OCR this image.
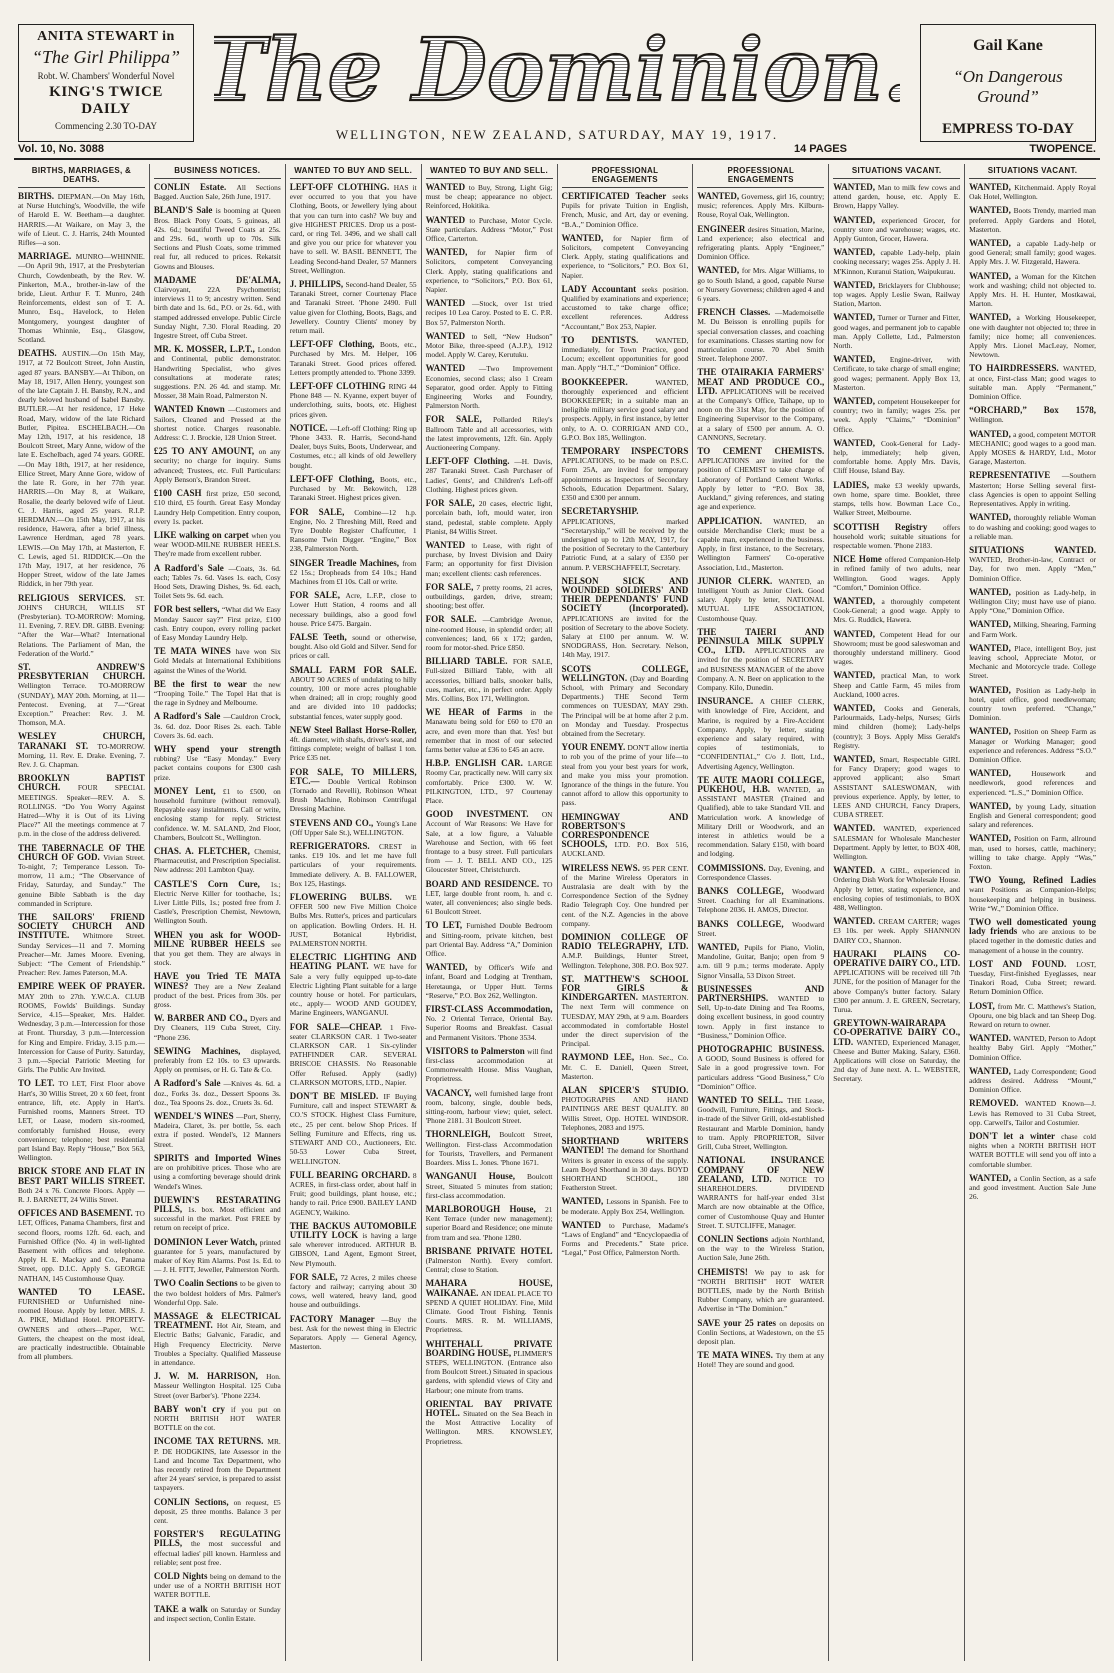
ANITA STEWART in
“The Girl Philippa”
Robt. W. Chambers' Wonderful Novel
KING'S TWICE DAILY
Commencing 2.30 TO-DAY
The Dominion.
WELLINGTON, NEW ZEALAND, SATURDAY, MAY 19, 1917.
Gail Kane
“On Dangerous Ground”
EMPRESS TO-DAY
Vol. 10, No. 3088	14 PAGES	TWOPENCE.
BIRTHS, MARRIAGES, & DEATHS.

BIRTHS. DIEPMAN.—On May 16th, at Nurse Hutching's, Woodville, the wife of Harold E. W. Beetham—a daughter. HARRIS.—At Waikare, on May 3, the wife of Lieut. C. J. Harris, 24th Mounted Rifles—a son.

MARRIAGE. MUNRO—WHINNIE.—On April 9th, 1917, at the Presbyterian Church, Cowdenbeath, by the Rev. W. Pinkerton, M.A., brother-in-law of the bride, Lieut. Arthur F. T. Munro, 24th Reinforcements, eldest son of T. A. Munro, Esq., Havelock, to Helen Montgomery, youngest daughter of Thomas Whinnie, Esq., Glasgow, Scotland.

DEATHS. AUSTIN.—On 15th May, 1917, at 72 Boulcott Street, John Austin, aged 87 years. BANSBY.—At Thibon, on May 18, 1917, Allen Henry, youngest son of the late Captain J. H. Bansby, R.N., and dearly beloved husband of Isabel Bansby. BUTLER.—At her residence, 17 Heke Road, Mary, widow of the late Richard Butler, Pipitea. ESCHELBACH.—On May 12th, 1917, at his residence, 18 Boulcott Street, Mary Anne, widow of the late E. Eschelbach, aged 74 years. GORE.—On May 18th, 1917, at her residence, Ellice Street, Mary Anne Gore, widow of the late R. Gore, in her 77th year. HARRIS.—On May 8, at Waikare, Rosalie, the dearly beloved wife of Lieut. C. J. Harris, aged 25 years. R.I.P. HERDMAN.—On 15th May, 1917, at his residence, Hawera, after a brief illness, Lawrence Herdman, aged 78 years. LEWIS.—On May 17th, at Masterton, F. C. Lewis, aged 51. RIDDICK.—On the 17th May, 1917, at her residence, 76 Hopper Street, widow of the late James Riddick, in her 79th year.

RELIGIOUS SERVICES. ST. JOHN'S CHURCH, WILLIS ST (Presbyterian). TO-MORROW: Morning, 11. Evening, 7. REV. DR. GIBB. Evening: “After the War—What? International Relations. The Parliament of Man, the Federation of the World.”

ST. ANDREW'S PRESBYTERIAN CHURCH. Wellington Terrace. TO-MORROW (SUNDAY), MAY 20th. Morning, at 11—Pentecost. Evening, at 7—“Great Exception.” Preacher: Rev. J. M. Thomson, M.A.

WESLEY CHURCH, TARANAKI ST. TO-MORROW. Morning, 11. Rev. E. Drake. Evening, 7. Rev. J. G. Chapman.

BROOKLYN BAPTIST CHURCH. FOUR SPECIAL MEETINGS. Speaker—REV. A. S. ROLLINGS. “Do You Worry Against Hatred—Why it is Out of its Living Place?” All the meetings commence at 7 p.m. in the close of the address delivered.

THE TABERNACLE OF THE CHURCH OF GOD. Vivian Street. To-night, 7; Temperance Lesson. To-morrow, 11 a.m.; “The Observance of Friday, Saturday, and Sunday.” The genuine Bible Sabbath is the day commanded in Scripture.

THE SAILORS' FRIEND SOCIETY CHURCH AND INSTITUTE. Whitmore Street. Sunday Services—11 and 7. Morning Preacher—Mr. James Moore. Evening, Subject: “The Cement of Friendship.” Preacher: Rev. James Paterson, M.A.

EMPIRE WEEK OF PRAYER. MAY 20th to 27th. Y.W.C.A. CLUB ROOMS, Fowlds' Buildings. Sunday Service, 4.15—Speaker, Mrs. Halder. Wednesday, 3 p.m.—Intercession for those at Front. Thursday, 3 p.m.—Intercession for King and Empire. Friday, 3.15 p.m.—Intercession for Cause of Purity. Saturday, 3 p.m.—Special Patriotic Meeting for Girls. The Public Are Invited.

TO LET. TO LET, First Floor above Hart's, 30 Willis Street, 20 x 60 feet, front entrance, lift, etc. Apply in Hart's. Furnished rooms, Manners Street. TO LET, or Lease, modern six-roomed, comfortably furnished House, every convenience; telephone; best residential part Island Bay. Reply “House,” Box 563, Wellington.

BRICK STORE AND FLAT IN BEST PART WILLIS STREET. Both 24 x 76. Concrete Floors. Apply — R. J. BARNETT, 24 Willis Street.

OFFICES AND BASEMENT. TO LET, Offices, Panama Chambers, first and second floors, rooms 12ft. 6d. each, and Furnished Office (No. 4) in well-lighted Basement with offices and telephone. Apply H. E. Mackay and Co., Panama Street, opp. D.I.C. Apply S. GEORGE NATHAN, 145 Customhouse Quay.

WANTED TO LEASE. FURNISHED or Unfurnished nine-roomed House. Apply by letter. MRS. J. A. PIKE, Midland Hotel. PROPERTY-OWNERS and others—Paper, W.C. Gutters, the cheapest on the most ideal, are practically indestructible. Obtainable from all plumbers.

BUSINESS NOTICES.

CONLIN Estate. All Sections Bagged. Auction Sale, 26th June, 1917.

BLAND'S Sale is booming at Queen Bros. Black Pony Coats, 5 guineas, all 42s. 6d.; beautiful Tweed Coats at 25s. and 29s. 6d., worth up to 70s. Silk Sections and Plush Coats, some trimmed real fur, all reduced to prices. Rekatsit Gowns and Blouses.

MADAME DE'ALMA, Clairvoyant, 22A Psychometrist; interviews 11 to 9; ancestry written. Send birth date and 1s. 6d., P.O. or 2s. 6d., with stamped addressed envelope. Public Circle Sunday Night, 7.30. Floral Reading. 20 Ingestre Street, off Cuba Street.

MR. K. MOSSER, L.P.T., London and Continental, public demonstrator. Handwriting Specialist, who gives consultations at moderate rates; suggestions. P.N. 26 4d. and stamp. Mr. Mosser, 38 Main Road, Palmerston N.

WANTED Known —Customers and Sailors, Cleaned and Pressed at the shortest notice. Charges reasonable. Address: C. J. Brockie, 128 Union Street.

£25 TO ANY AMOUNT, on any security; no charge for inquiry. Sums advanced; Trustees, etc. Full Particulars: Apply Benson's, Brandon Street.

£100 CASH first prize, £50 second, £10 third, £5 fourth. Great Easy Monday Laundry Help Competition. Entry coupon, every 1s. packet.

LIKE walking on carpet when you wear WOOD-MILNE RUBBER HEELS. They're made from excellent rubber.

A Radford's Sale —Coats, 3s. 6d. each; Tables 7s. 6d. Vases 1s. each, Cosy Hood Sets, Drawing Dishes, 9s. 6d. each, Toilet Sets 9s. 6d. each.

FOR best sellers, “What did We Easy Monday Saucer say?” First prize, £100 cash. Entry coupon, every rolling packet of Easy Monday Laundry Help.

TE MATA WINES have won Six Gold Medals at International Exhibitions against the Wines of the World.

BE the first to wear the new “Trooping Toile.” The Topel Hat that is the rage in Sydney and Melbourne.

A Radford's Sale —Cauldron Crock, 3s. 6d. doz. Door Rises 2s. each. Table Covers 3s. 6d. each.

WHY spend your strength rubbing? Use “Easy Monday.” Every packet contains coupons for £300 cash prize.

MONEY Lent, £1 to £500, on household furniture (without removal). Repayable easy instalments. Call or write, enclosing stamp for reply. Strictest confidence. W. M. SALAND, 2nd Floor, Chambers, Boulcott St., Wellington.

CHAS. A. FLETCHER, Chemist, Pharmaceutist, and Prescription Specialist. New address: 201 Lambton Quay.

CASTLE'S Corn Cure, 1s.; Electric Nerve Killer for toothache, 1s.; Liver Little Pills, 1s.; posted free from J. Castle's, Prescription Chemist, Newtown, Wellington South.

WHEN you ask for WOOD-MILNE RUBBER HEELS see that you get them. They are always in stock.

HAVE you Tried TE MATA WINES? They are a New Zealand product of the best. Prices from 30s. per gross.

W. BARBER AND CO., Dyers and Dry Cleaners, 119 Cuba Street, City. “Phone 236.

SEWING Machines, displayed, preferably from £2 10s. to £3 upwards. Apply on premises, or H. G. Tate & Co.

A Radford's Sale —Knives 4s. 6d. a doz., Forks 3s. doz., Dessert Spoons 3s. doz., Tea Spoons 2s. doz., Cruets 3s. 6d.

WENDEL'S WINES —Port, Sherry, Madeira, Claret, 3s. per bottle, 5s. each extra if posted. Wendel's, 12 Manners Street.

SPIRITS and Imported Wines are on prohibitive prices. Those who are using a comforting beverage should drink Wendel's Wines.

DUEWIN'S RESTARATING PILLS, 1s. box. Most efficient and successful in the market. Post FREE by return on receipt of price.

DOMINION Lever Watch, printed guarantee for 5 years, manufactured by maker of Key Rim Alarms. Post 1s. Ed. to — J. H. FITT, Jeweller, Palmerston North.

TWO Coalin Sections to be given to the two boldest holders of Mrs. Palmer's Wonderful Opp. Sale.

MASSAGE & ELECTRICAL TREATMENT. Hot Air, Steam, and Electric Baths; Galvanic, Faradic, and High Frequency Electricity. Nerve Troubles a Specialty. Qualified Masseuse in attendance.

J. W. M. HARRISON, Hon. Masseur Wellington Hospital. 125 Cuba Street (over Barber's). ’Phone 2234.

BABY won't cry if you put on NORTH BRITISH HOT WATER BOTTLE on the cot.

INCOME TAX RETURNS. MR. P. DE HODGKINS, late Assessor in the Land and Income Tax Department, who has recently retired from the Department after 24 years' service, is prepared to assist taxpayers.

CONLIN Sections, on request, £5 deposit, 25 three months. Balance 3 per cent.

FORSTER'S REGULATING PILLS, the most successful and effectual ladies' pill known. Harmless and reliable; sent post free.

COLD Nights being on demand to the under use of a NORTH BRITISH HOT WATER BOTTLE.

TAKE a walk on Saturday or Sunday and inspect section, Conlin Estate.

WANTED TO BUY AND SELL.

LEFT-OFF CLOTHING. HAS it ever occurred to you that you have Clothing, Boots, or Jewellery lying about that you can turn into cash? We buy and give HIGHEST PRICES. Drop us a post-card, or ring Tel. 3496, and we shall call and give you our price for whatever you have to sell. W. BASIL BENNETT, The Leading Second-hand Dealer, 57 Manners Street, Wellington.

J. PHILLIPS, Second-hand Dealer, 55 Taranaki Street, corner Courtenay Place and Taranaki Street. 'Phone 2490. Full value given for Clothing, Boots, Bags, and Jewellery. Country Clients' money by return mail.

LEFT-OFF Clothing, Boots, etc., Purchased by Mrs. M. Helper, 106 Taranaki Street. Good prices offered. Letters promptly attended to. 'Phone 3399.

LEFT-OFF CLOTHING RING 44 Phone 848 — N. Kyanne, expert buyer of underclothing, suits, boots, etc. Highest prices given.

NOTICE. —Left-off Clothing: Ring up 'Phone 3433. R. Harris, Second-hand Dealer, buys Suits, Boots, Underwear, and Costumes, etc.; all kinds of old Jewellery bought.

LEFT-OFF Clothing, Boots, etc., Purchased by Mr. Bekowitch, 128 Taranaki Street. Highest prices given.

FOR SALE, Combine—12 h.p. Engine, No. 2 Threshing Mill, Reed and Tyre Double Register Chaffcutter, 1 Ransome Twin Digger. “Engine,” Box 238, Palmerston North.

SINGER Treadle Machines, from £2 15s.; Dropheads from £4 10s.; Hand Machines from £I 10s. Call or write.

FOR SALE, Acre, L.F.P., close to Lower Hutt Station, 4 rooms and all necessary buildings, also a good fowl house. Price £475. Bargain.

FALSE Teeth, sound or otherwise, bought. Also old Gold and Silver. Send for prices or call.

SMALL FARM FOR SALE. ABOUT 90 ACRES of undulating to hilly country, 100 or more acres ploughable when drained; all in crop; roughly good and are divided into 10 paddocks; substantial fences, water supply good.

NEW Steel Ballast Horse-Roller, 4ft. diameter, with shafts, driver's seat, and fittings complete; weight of ballast 1 ton. Price £35 net.

FOR SALE, TO MILLERS, ETC.— Double Vertical Robinson (Tornado and Revelli), Robinson Wheat Brush Machine, Robinson Centrifugal Dressing Machine.

STEVENS AND CO., Young's Lane (Off Upper Sale St.), WELLINGTON.

REFRIGERATORS. CREST in tanks. £19 10s. and let me have full particulars of your requirements. Immediate delivery. A. B. FALLOWER, Box 125, Hastings.

FLOWERING BULBS. WE OFFER 500 new Five Million Choice Bulbs Mrs. Rutter's, prices and particulars on application. Bowling Orders. H. H. JUST, Botanical Hybridist, PALMERSTON NORTH.

ELECTRIC LIGHTING AND HEATING PLANT. WE have for Sale a very fully equipped up-to-date Electric Lighting Plant suitable for a large country house or hotel. For particulars, etc., apply— WOOD AND GOUDEY, Marine Engineers, WANGANUI.

FOR SALE—CHEAP. 1 Five-seater CLARKSON CAR. 1 Two-seater CLARKSON CAR. 1 Six-cylinder PATHFINDER CAR. SEVERAL BRISCOE CHASSIS. No Reasonable Offer Refused. Apply (sadly) CLARKSON MOTORS, LTD., Napier.

DON'T BE MISLED. IF Buying Furniture, call and inspect STEWART & CO.'S STOCK. Highest Class Furniture, etc., 25 per cent. below Shop Prices. If Selling Furniture and Effects, ring us. STEWART AND CO., Auctioneers, Etc. 50-53 Lower Cuba Street, WELLINGTON.

FULL BEARING ORCHARD. 8 ACRES, in first-class order, about half in Fruit; good buildings, plant house, etc.; handy to rail. Price £900. BAILEY LAND AGENCY, Waikino.

THE BACKUS AUTOMOBILE UTILITY LOCK is having a large sale wherever introduced. ARTHUR B. GIBSON, Land Agent, Egmont Street, New Plymouth.

FOR SALE, 72 Acres, 2 miles cheese factory and railway; carrying about 30 cows, well watered, heavy land, good house and outbuildings.

FACTORY Manager —Buy the best. Ask for the newest thing in Electric Separators. Apply — General Agency, Masterton.

WANTED TO BUY AND SELL.

WANTED to Buy, Strong, Light Gig; must be cheap; appearance no object. Reinforced, Hokitika.

WANTED to Purchase, Motor Cycle. State particulars. Address “Motor,” Post Office, Carterton.

WANTED, for Napier firm of Solicitors, competent Conveyancing Clerk. Apply, stating qualifications and experience, to “Solicitors,” P.O. Box 61, Napier.

WANTED —Stock, over 1st tried recipes 10 Lea Caroy. Posted to E. C. P.R. Box 57, Palmerston North.

WANTED to Sell, “New Hudson” Motor Bike, three-speed (A.J.P.), 1912 model. Apply W. Carey, Kerutuku.

WANTED —Two Improvement Economies, second class; also 1 Cream Separator, good order. Apply to Fitting Engineering Works and Foundry, Palmerston North.

FOR SALE, Pollarded Riley's Ballroom Table and all accessories, with the latest improvements, 12ft. 6in. Apply Auctioneering Company.

LEFT-OFF Clothing. —H. Davis, 287 Taranaki Street. Cash Purchaser of Ladies', Gents', and Children's Left-off Clothing. Highest prices given.

FOR SALE, 20 cases, electric light, porcelain bath, loft, mould water, iron stand, pedestal, stable complete. Apply Pianist, 84 Willis Street.

WANTED to Lease, with right of purchase, by Invest Division and Dairy Farm; an opportunity for first Division man; excellent clients: cash references.

FOR SALE, 7 pretty rooms, 21 acres, outbuildings, garden, drive, stream; shooting; best offer.

FOR SALE. —Cambridge Avenue, nine-roomed House, in splendid order; all conveniences; land, 66 x 172; garden, room for motor-shed. Price £850.

BILLIARD TABLE. FOR SALE, Full-sized Billiard Table, with all accessories, billiard balls, snooker balls, cues, marker, etc., in perfect order. Apply Mrs. Collins, Box 171, Wellington.

WE HEAR of Farms in the Manawatu being sold for £60 to £70 an acre, and even more than that. Yes! but remember that in most of our selected farms better value at £36 to £45 an acre.

H.B.P. ENGLISH CAR. LARGE Roomy Car, practically new. Will carry six comfortably. Price £300. W. W. PILKINGTON, LTD., 97 Courtenay Place.

GOOD INVESTMENT. ON Account of War Reasons: We Have for Sale, at a low figure, a Valuable Warehouse and Section, with 66 feet frontage to a busy street. Full particulars from — J. T. BELL AND CO., 125 Gloucester Street, Christchurch.

BOARD AND RESIDENCE. TO LET, large double front room, h. and c. water, all conveniences; also single beds. 61 Boulcott Street.

TO LET, Furnished Double Bedroom and Sitting-room, private kitchen, best part Oriental Bay. Address “A,” Dominion Office.

WANTED, by Officer's Wife and infant, Board and Lodging at Trentham, Heretaunga, or Upper Hutt. Terms “Reserve,” P.O. Box 262, Wellington.

FIRST-CLASS Accommodation, No. 2 Oriental Terrace, Oriental Bay. Superior Rooms and Breakfast. Casual and Permanent Visitors. 'Phone 3534.

VISITORS to Palmerston will find first-class accommodation at Commonwealth House. Miss Vaughan, Proprietress.

VACANCY, well furnished large front room, balcony, single, double beds, sitting-room, harbour view; quiet, select. 'Phone 2181. 31 Boulcott Street.

THORNLEIGH, Boulcott Street, Wellington. First-class Accommodation for Tourists, Travellers, and Permanent Boarders. Miss L. Jones. 'Phone 1671.

WANGANUI House, Boulcott Street, Situated 5 minutes from station; first-class accommodation.

MARLBOROUGH House, 21 Kent Terrace (under new management); superior Board and Residence; one minute from tram and sea. 'Phone 1280.

BRISBANE PRIVATE HOTEL (Palmerston North). Every comfort. Central; close to Station.

MAHARA HOUSE, WAIKANAE. AN IDEAL PLACE TO SPEND A QUIET HOLIDAY. Fine, Mild Climate. Good Trout Fishing. Tennis Courts. MRS. R. M. WILLIAMS, Proprietress.

WHITEHALL PRIVATE BOARDING HOUSE, PLIMMER'S STEPS, WELLINGTON. (Entrance also from Boulcott Street.) Situated in spacious gardens, with splendid views of City and Harbour; one minute from trams.

ORIENTAL BAY PRIVATE HOTEL. Situated on the Sea Beach in the Most Attractive Locality of Wellington. MRS. KNOWSLEY, Proprietress.

PROFESSIONAL ENGAGEMENTS

CERTIFICATED Teacher seeks Pupils for private Tuition in English, French, Music, and Art, day or evening. “B.A.,” Dominion Office.

WANTED, for Napier firm of Solicitors, competent Conveyancing Clerk. Apply, stating qualifications and experience, to “Solicitors,” P.O. Box 61, Napier.

LADY Accountant seeks position. Qualified by examinations and experience; accustomed to take charge office; excellent references. Address “Accountant,” Box 253, Napier.

TO DENTISTS. WANTED, immediately, for Town Practice, good Locum; excellent opportunities for good man. Apply “H.T.,” “Dominion” Office.

BOOKKEEPER. WANTED, thoroughly experienced and efficient BOOKKEEPER; in a suitable man an ineligible military service good salary and prospects. Apply, in first instance, by letter only, to A. O. CORRIGAN AND CO., G.P.O. Box 185, Wellington.

TEMPORARY INSPECTORS APPLICATIONS, to be made on P.S.C. Form 25A, are invited for temporary appointments as Inspectors of Secondary Schools, Education Department. Salary, £350 and £300 per annum.

SECRETARYSHIP. APPLICATIONS, marked “Secretaryship,” will be received by the undersigned up to 12th MAY, 1917, for the position of Secretary to the Canterbury Patriotic Fund, at a salary of £350 per annum. P. VERSCHAFFELT, Secretary.

NELSON SICK AND WOUNDED SOLDIERS' AND THEIR DEPENDANTS' FUND SOCIETY (Incorporated). APPLICATIONS are invited for the position of Secretary to the above Society. Salary at £100 per annum. W. W. SNODGRASS, Hon. Secretary. Nelson, 14th May, 1917.

SCOTS COLLEGE, WELLINGTON. (Day and Boarding School, with Primary and Secondary Departments.) THE Second Term commences on TUESDAY, MAY 29th. The Principal will be at home after 2 p.m. on Monday and Tuesday. Prospectus obtained from the Secretary.

YOUR ENEMY. DON'T allow inertia to rob you of the prime of your life—to steal from you your best years for work, and make you miss your promotion. Ignorance of the things in the future. You cannot afford to allow this opportunity to pass.

HEMINGWAY AND ROBERTSON'S CORRESPONDENCE SCHOOLS, LTD. P.O. Box 516, AUCKLAND.

WIRELESS NEWS. 95 PER CENT. of the Marine Wireless Operators in Australasia are dealt with by the Correspondence Section of the Sydney Radio Telegraph Coy. One hundred per cent. of the N.Z. Agencies in the above company.

DOMINION COLLEGE OF RADIO TELEGRAPHY, LTD. A.M.P. Buildings, Hunter Street, Wellington. Telephone, 308. P.O. Box 927.

ST. MATTHEW'S SCHOOL FOR GIRLS & KINDERGARTEN. MASTERTON. The next Term will commence on TUESDAY, MAY 29th, at 9 a.m. Boarders accommodated in comfortable Hostel under the direct supervision of the Principal.

RAYMOND LEE, Hon. Sec., Co. Mr. C. E. Daniell, Queen Street, Masterton.

ALAN SPICER'S STUDIO. PHOTOGRAPHS AND HAND PAINTINGS ARE BEST QUALITY. 80 Willis Street, Opp. HOTEL WINDSOR. Telephones, 2083 and 1975.

SHORTHAND WRITERS WANTED! The demand for Shorthand Writers is greater in excess of the supply. Learn Boyd Shorthand in 30 days. BOYD SHORTHAND SCHOOL, 180 Featherston Street.

WANTED, Lessons in Spanish. Fee to be moderate. Apply Box 254, Wellington.

WANTED to Purchase, Madame's “Laws of England” and “Encyclopaedia of Forms and Precedents.” State price. “Legal,” Post Office, Palmerston North.

PROFESSIONAL ENGAGEMENTS

WANTED, Governess, girl 16, country; music; references. Apply Mrs. Kilburn-Rouse, Royal Oak, Wellington.

ENGINEER desires Situation, Marine, Land experience; also electrical and refrigerating plants. Apply “Engineer,” Dominion Office.

WANTED, for Mrs. Algar Williams, to go to South Island, a good, capable Nurse or Nursery Governess; children aged 4 and 6 years.

FRENCH Classes. —Mademoiselle M. Du Beisson is enrolling pupils for special conversation classes, and coaching for examinations. Classes starting now for matriculation course. 70 Abel Smith Street. Telephone 2007.

THE OTAIRAKIA FARMERS' MEAT AND PRODUCE CO., LTD. APPLICATIONS will be received at the Company's Office, Taihape, up to noon on the 31st May, for the position of Engineering Supervisor to the Company, at a salary of £500 per annum. A. O. CANNONS, Secretary.

TO CEMENT CHEMISTS. APPLICATIONS are invited for the position of CHEMIST to take charge of Laboratory of Portland Cement Works. Apply by letter to “P.O. Box 38, Auckland,” giving references, and stating age and experience.

APPLICATION. WANTED, an outside Merchandise Clerk; must be a capable man, experienced in the business. Apply, in first instance, to the Secretary, Wellington Farmers' Co-operative Association, Ltd., Masterton.

JUNIOR CLERK. WANTED, an Intelligent Youth as Junior Clerk. Good salary. Apply by letter, NATIONAL MUTUAL LIFE ASSOCIATION, Customhouse Quay.

THE TAIERI AND PENINSULA MILK SUPPLY CO., LTD. APPLICATIONS are invited for the position of SECRETARY and BUSINESS MANAGER of the above Company. A. N. Beer on application to the Company. Kilo, Dunedin.

INSURANCE. A CHIEF CLERK, with knowledge of Fire, Accident, and Marine, is required by a Fire-Accident Company. Apply, by letter, stating experience and salary required, with copies of testimonials, to “CONFIDENTIAL,” C/o J. Ilott, Ltd., Advertising Agency, Wellington.

TE AUTE MAORI COLLEGE, PUKEHOU, H.B. WANTED, an ASSISTANT MASTER (Trained and Qualified), able to take Standard VII. and Matriculation work. A knowledge of Military Drill or Woodwork, and an interest in athletics would be a recommendation. Salary £150, with board and lodging.

COMMISSIONS. Day, Evening, and Correspondence Classes.

BANKS COLLEGE, Woodward Street. Coaching for all Examinations. Telephone 2036. H. AMOS, Director.

BANKS COLLEGE, Woodward Street.

WANTED, Pupils for Piano, Violin, Mandoline, Guitar, Banjo; open from 9 a.m. till 9 p.m.; terms moderate. Apply Signor Vinsalla, 53 Dixon Street.

BUSINESSES AND PARTNERSHIPS. WANTED to Sell, Up-to-date Dining and Tea Rooms, doing excellent business, in good country town. Apply in first instance to “Business,” Dominion Office.

PHOTOGRAPHIC BUSINESS. A GOOD, Sound Business is offered for Sale in a good progressive town. For particulars address “Good Business,” C/o “Dominion” Office.

WANTED TO SELL. THE Lease, Goodwill, Furniture, Fittings, and Stock-in-trade of the Silver Grill, old-established Restaurant and Marble Dominion, handy to tram. Apply PROPRIETOR, Silver Grill, Cuba Street, Wellington.

NATIONAL INSURANCE COMPANY OF NEW ZEALAND, LTD. NOTICE TO SHAREHOLDERS. DIVIDEND WARRANTS for half-year ended 31st March are now obtainable at the Office, corner of Customhouse Quay and Hunter Street. T. SUTCLIFFE, Manager.

CONLIN Sections adjoin Northland, on the way to the Wireless Station, Auction Sale, June 26th.

CHEMISTS! We pay to ask for “NORTH BRITISH” HOT WATER BOTTLES, made by the North British Rubber Company, which are guaranteed. Advertise in “The Dominion.”

SAVE your 25 rates on deposits on Conlin Sections, at Wadestown, on the £5 deposit plan.

TE MATA WINES. Try them at any Hotel! They are sound and good.

SITUATIONS VACANT.

WANTED, Man to milk few cows and attend garden, house, etc. Apply E. Brown, Happy Valley.

WANTED, experienced Grocer, for country store and warehouse; wages, etc. Apply Gunton, Grocer, Hawera.

WANTED, capable Lady-help, plain cooking necessary; wages 25s. Apply J. H. M'Kinnon, Kuranui Station, Waipukurau.

WANTED, Bricklayers for Clubhouse; top wages. Apply Leslie Swan, Railway Station, Marton.

WANTED, Turner or Turner and Fitter, good wages, and permanent job to capable man. Apply Collette, Ltd., Palmerston North.

WANTED, Engine-driver, with Certificate, to take charge of small engine; good wages; permanent. Apply Box 13, Masterton.

WANTED, competent Housekeeper for country; two in family; wages 25s. per week. Apply “Claims,” “Dominion” Office.

WANTED, Cook-General for Lady-help, immediately; help given, comfortable home. Apply Mrs. Davis, Cliff House, Island Bay.

LADIES, make £3 weekly upwards, own home, spare time. Booklet, three stamps, tells how. Bowman Lace Co., Walker Street, Melbourne.

SCOTTISH Registry offers household work; suitable situations for respectable women. 'Phone 2183.

NICE Home offered Companion-Help in refined family of two adults, near Wellington. Good wages. Apply “Comfort,” Dominion Office.

WANTED, a thoroughly competent Cook-General; a good wage. Apply to Mrs. G. Ruddick, Hawera.

WANTED, Competent Head for our Showroom; must be good saleswoman and thoroughly understand millinery. Good wages.

WANTED, practical Man, to work Sheep and Cattle Farm, 45 miles from Auckland, 1000 acres.

WANTED, Cooks and Generals, Parlourmaids, Lady-helps, Nurses; Girls mind children (home); Lady-helps (country); 3 Boys. Apply Miss Gerald's Registry.

WANTED, Smart, Respectable GIRL for Fancy Drapery; good wages to approved applicant; also Smart ASSISTANT SALESWOMAN, with previous experience. Apply, by letter, to LEES AND CHURCH, Fancy Drapers, CUBA STREET.

WANTED. WANTED, experienced SALESMAN for Wholesale Manchester Department. Apply by letter, to BOX 408, Wellington.

WANTED. A GIRL, experienced in Ordering Dish Work for Wholesale House. Apply by letter, stating experience, and enclosing copies of testimonials, to BOX 488, Wellington.

WANTED. CREAM CARTER; wages £3 10s. per week. Apply SHANNON DAIRY CO., Shannon.

HAURAKI PLAINS CO-OPERATIVE DAIRY CO., LTD. APPLICATIONS will be received till 7th JUNE, for the position of Manager for the above Company's butter factory. Salary £300 per annum. J. E. GREEN, Secretary, Turua.

GREYTOWN-WAIRARAPA CO-OPERATIVE DAIRY CO., LTD. WANTED, Experienced Manager, Cheese and Butter Making. Salary, £360. Applications will close on Saturday, the 2nd day of June next. A. L. WEBSTER, Secretary.

SITUATIONS VACANT.

WANTED, Kitchenmaid. Apply Royal Oak Hotel, Wellington.

WANTED, Boots Trendy, married man preferred. Apply Gardens and Hotel, Masterton.

WANTED, a capable Lady-help or good General; small family; good wages. Apply Mrs. J. W. Fitzgerald, Hawera.

WANTED, a Woman for the Kitchen work and washing; child not objected to. Apply Mrs. H. H. Hunter, Mostkawai, Marton.

WANTED, a Working Housekeeper, one with daughter not objected to; three in family; nice home; all conveniences. Apply Mrs. Lionel MacLeay, Nomer, Newtown.

TO HAIRDRESSERS. WANTED, at once, First-class Man; good wages to suitable man. Apply “Permanent,” Dominion Office.

“ORCHARD,” Box 1578, Wellington.

WANTED, a good, competent MOTOR MECHANIC; good wages to a good man. Apply MOSES & HARDY, Ltd., Motor Garage, Masterton.

REPRESENTATIVE —Southern Masterton; Horse Selling several first-class Agencies is open to appoint Selling Representatives. Apply in writing.

WANTED, thoroughly reliable Woman to do washing and cooking; good wages to a reliable man.

SITUATIONS WANTED. WANTED, Brother-in-law, Contract or Day, for two men. Apply “Men,” Dominion Office.

WANTED, position as Lady-help, in Wellington City; must have use of piano. Apply “One,” Dominion Office.

WANTED, Milking, Shearing, Farming and Farm Work.

WANTED, Place, intelligent Boy, just leaving school, Appreciate Motor, or Mechanic and Motorcycle trade. College Street.

WANTED, Position as Lady-help in hotel, quiet office, good needlewoman; country town preferred. “Change,” Dominion.

WANTED, Position on Sheep Farm as Manager or Working Manager; good experience and references. Address “S.O.” Dominion Office.

WANTED, Housework and needlework, good references and experienced. “L.S.,” Dominion Office.

WANTED, by young Lady, situation English and General correspondent; good salary and references.

WANTED, Position on Farm, allround man, used to horses, cattle, machinery; willing to take charge. Apply “Was,” Foxton.

TWO Young, Refined Ladies want Positions as Companion-Helps; housekeeping and helping in business. Write “W.,” Dominion Office.

TWO well domesticated young lady friends who are anxious to be placed together in the domestic duties and management of a house in the country.

LOST AND FOUND. LOST, Tuesday, First-finished Eyeglasses, near Tinakori Road, Cuba Street; reward. Return Dominion Office.

LOST, from Mr. C. Matthews's Station, Opouru, one big black and tan Sheep Dog. Reward on return to owner.

WANTED. WANTED, Person to Adopt healthy Baby Girl. Apply “Mother,” Dominion Office.

WANTED, Lady Correspondent; Good address desired. Address “Mount,” Dominion Office.

REMOVED. WANTED Known—J. Lewis has Removed to 31 Cuba Street, opp. Carwell's, Tailor and Costumier.

DON'T let a winter chase cold nights when a NORTH BRITISH HOT WATER BOTTLE will send you off into a comfortable slumber.

WANTED, a Conlin Section, as a safe and good investment. Auction Sale June 26.
